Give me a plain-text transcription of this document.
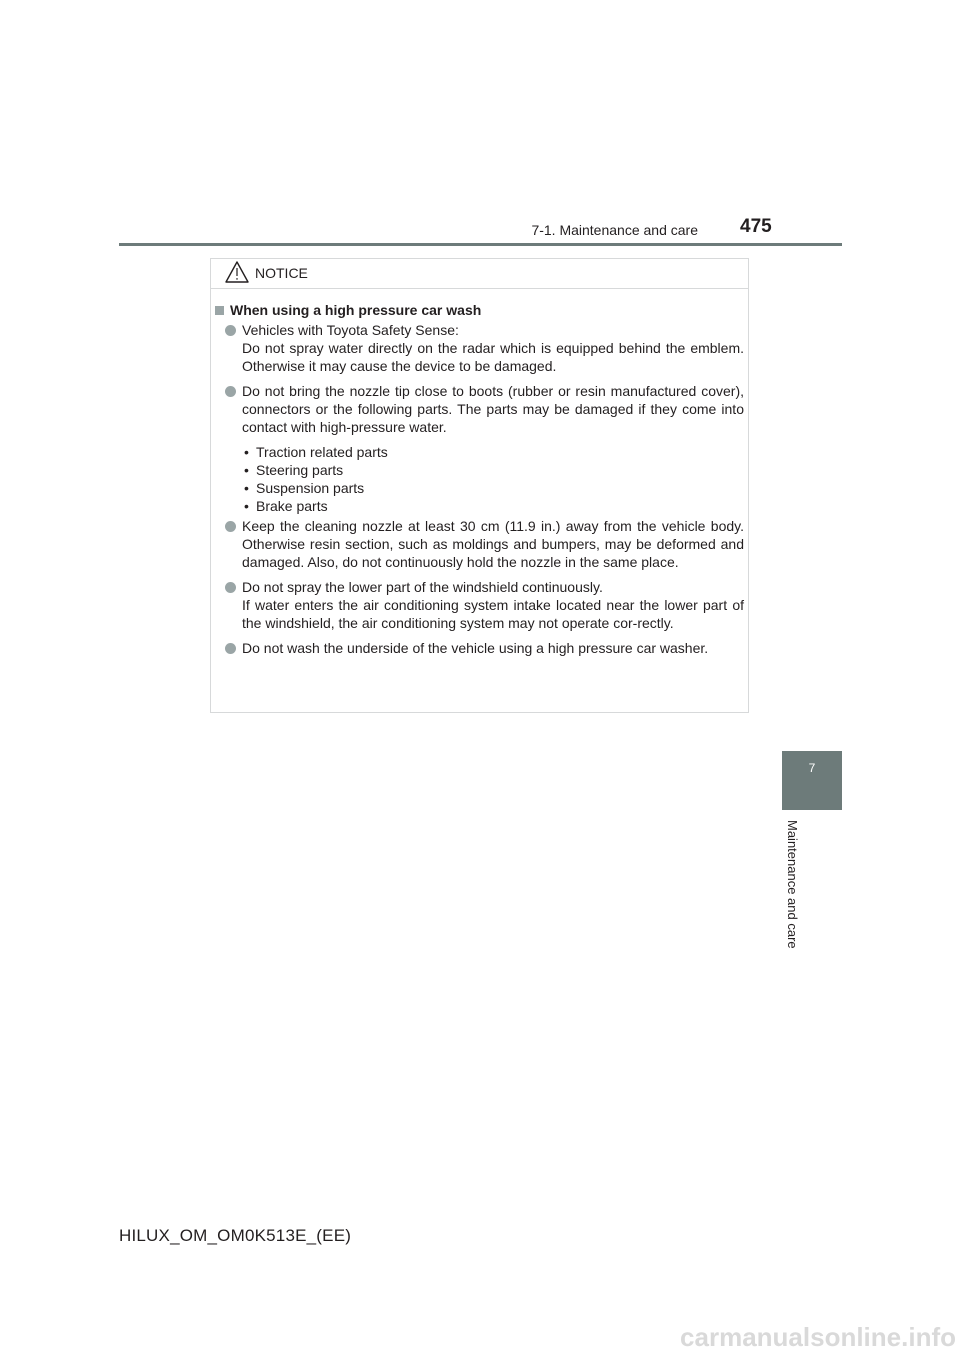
7-1. Maintenance and care 475
7
Maintenance and care
NOTICE
When using a high pressure car wash

Vehicles with Toyota Safety Sense:

Do not spray water directly on the radar which is equipped behind the emblem. Otherwise it may cause the device to be damaged.

Do not bring the nozzle tip close to boots (rubber or resin manufactured cover), connectors or the following parts. The parts may be damaged if they come into contact with high-pressure water.

• Traction related parts
• Steering parts
• Suspension parts
• Brake parts

Keep the cleaning nozzle at least 30 cm (11.9 in.) away from the vehicle body. Otherwise resin section, such as moldings and bumpers, may be deformed and damaged. Also, do not continuously hold the nozzle in the same place.

Do not spray the lower part of the windshield continuously.

If water enters the air conditioning system intake located near the lower part of the windshield, the air conditioning system may not operate cor-rectly.

Do not wash the underside of the vehicle using a high pressure car washer.

HILUX_OM_OM0K513E_(EE)
carmanualsonline.info
